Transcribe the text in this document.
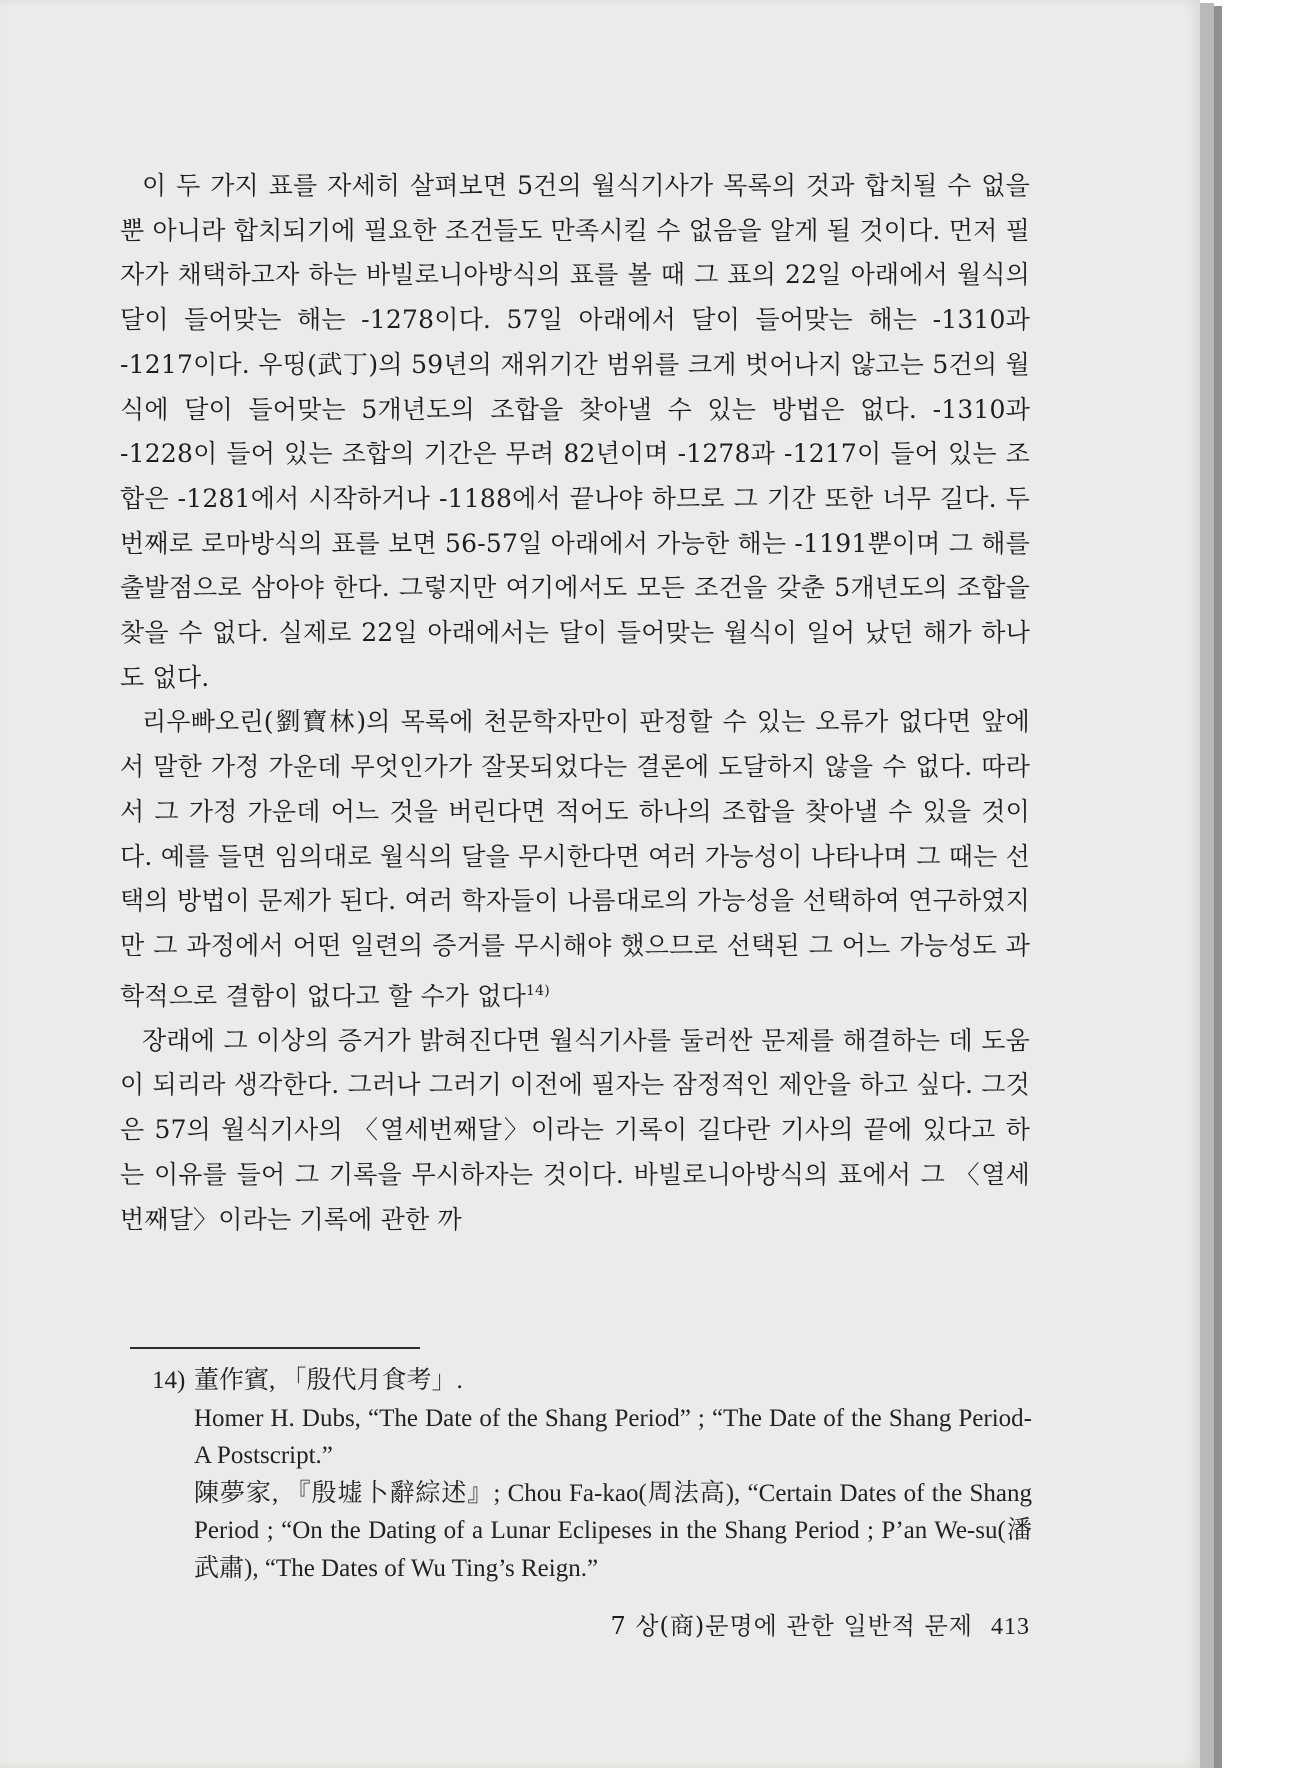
이 두 가지 표를 자세히 살펴보면 5건의 월식기사가 목록의 것과 합치될 수 없을 뿐 아니라 합치되기에 필요한 조건들도 만족시킬 수 없음을 알게 될 것이다. 먼저 필자가 채택하고자 하는 바빌로니아방식의 표를 볼 때 그 표의 22일 아래에서 월식의 달이 들어맞는 해는 -1278이다. 57일 아래에서 달이 들어맞는 해는 -1310과 -1217이다. 우띵(武丁)의 59년의 재위기간 범위를 크게 벗어나지 않고는 5건의 월식에 달이 들어맞는 5개년도의 조합을 찾아낼 수 있는 방법은 없다. -1310과 -1228이 들어 있는 조합의 기간은 무려 82년이며 -1278과 -1217이 들어 있는 조합은 -1281에서 시작하거나 -1188에서 끝나야 하므로 그 기간 또한 너무 길다. 두번째로 로마방식의 표를 보면 56-57일 아래에서 가능한 해는 -1191뿐이며 그 해를 출발점으로 삼아야 한다. 그렇지만 여기에서도 모든 조건을 갖춘 5개년도의 조합을 찾을 수 없다. 실제로 22일 아래에서는 달이 들어맞는 월식이 일어 났던 해가 하나도 없다.

리우빠오린(劉寶林)의 목록에 천문학자만이 판정할 수 있는 오류가 없다면 앞에서 말한 가정 가운데 무엇인가가 잘못되었다는 결론에 도달하지 않을 수 없다. 따라서 그 가정 가운데 어느 것을 버린다면 적어도 하나의 조합을 찾아낼 수 있을 것이다. 예를 들면 임의대로 월식의 달을 무시한다면 여러 가능성이 나타나며 그 때는 선택의 방법이 문제가 된다. 여러 학자들이 나름대로의 가능성을 선택하여 연구하였지만 그 과정에서 어떤 일련의 증거를 무시해야 했으므로 선택된 그 어느 가능성도 과학적으로 결함이 없다고 할 수가 없다$^{14)}$

장래에 그 이상의 증거가 밝혀진다면 월식기사를 둘러싼 문제를 해결하는 데 도움이 되리라 생각한다. 그러나 그러기 이전에 필자는 잠정적인 제안을 하고 싶다. 그것은 57의 월식기사의 〈열세번째달〉이라는 기록이 길다란 기사의 끝에 있다고 하는 이유를 들어 그 기록을 무시하자는 것이다. 바빌로니아방식의 표에서 그 〈열세번째달〉이라는 기록에 관한 까

14) 董作賓, 「殷代月食考」.
Homer H. Dubs, “The Date of the Shang Period” ; “The Date of the Shang Period-A Postscript.”
陳夢家, 『殷墟卜辭綜述』; Chou Fa-kao(周法高), “Certain Dates of the Shang Period ; “On the Dating of a Lunar Eclipeses in the Shang Period ; P’an We-su(潘武肅), “The Dates of Wu Ting’s Reign.”
7 상(商)문명에 관한 일반적 문제 413
